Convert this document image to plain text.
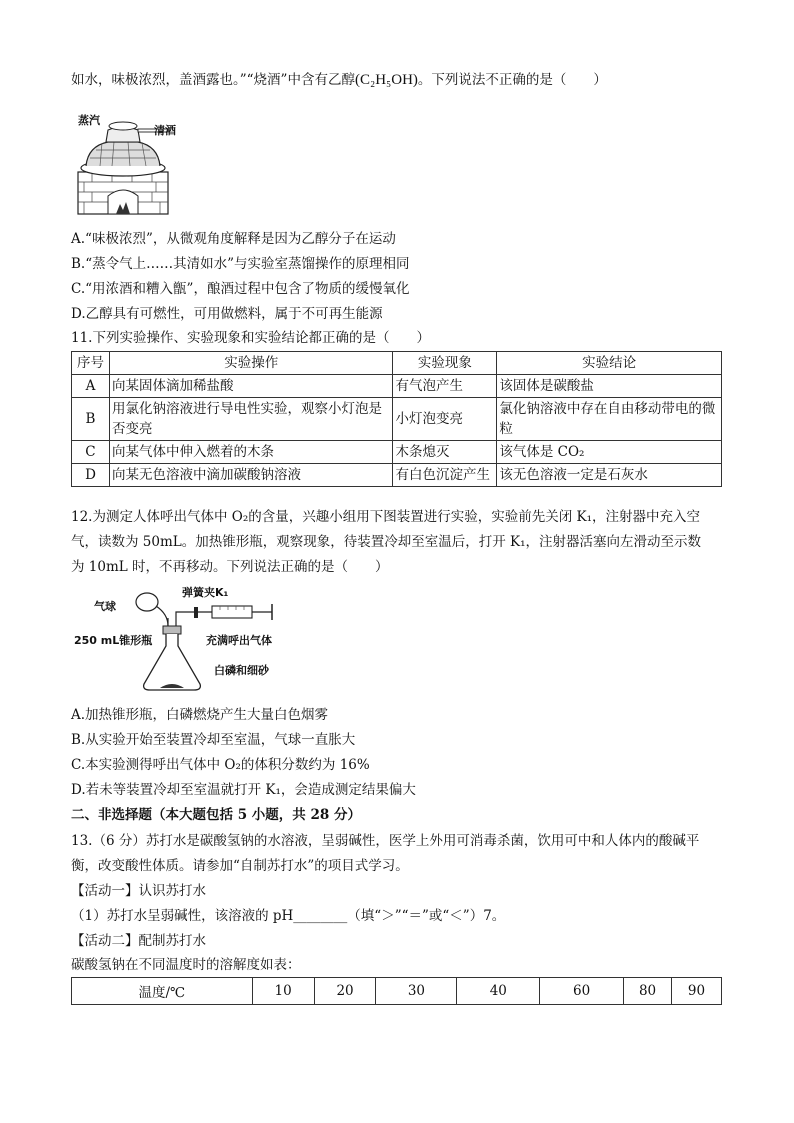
如水，味极浓烈，盖酒露也。”“烧酒”中含有乙醇(C₂H₅OH)。下列说法不正确的是（　　）
蒸汽
清酒
A.“味极浓烈”，从微观角度解释是因为乙醇分子在运动
B.“蒸令气上……其清如水”与实验室蒸馏操作的原理相同
C.“用浓酒和糟入甑”，酿酒过程中包含了物质的缓慢氧化
D.乙醇具有可燃性，可用做燃料，属于不可再生能源
11.下列实验操作、实验现象和实验结论都正确的是（　　）
序号	实验操作	实验现象	实验结论
A	向某固体滴加稀盐酸	有气泡产生	该固体是碳酸盐
B	用氯化钠溶液进行导电性实验，观察小灯泡是否变亮	小灯泡变亮	氯化钠溶液中存在自由移动带电的微粒
C	向某气体中伸入燃着的木条	木条熄灭	该气体是 CO₂
D	向某无色溶液中滴加碳酸钠溶液	有白色沉淀产生	该无色溶液一定是石灰水
12.为测定人体呼出气体中 O₂的含量，兴趣小组用下图装置进行实验，实验前先关闭 K₁，注射器中充入空
气，读数为 50mL。加热锥形瓶，观察现象，待装置冷却至室温后，打开 K₁，注射器活塞向左滑动至示数
为 10mL 时，不再移动。下列说法正确的是（　　）
气球
弹簧夹K₁
250 mL锥形瓶	充满呼出气体
白磷和细砂
A.加热锥形瓶，白磷燃烧产生大量白色烟雾
B.从实验开始至装置冷却至室温，气球一直胀大
C.本实验测得呼出气体中 O₂的体积分数约为 16%
D.若未等装置冷却至室温就打开 K₁，会造成测定结果偏大
二、非选择题（本大题包括 5 小题，共 28 分）
13.（6 分）苏打水是碳酸氢钠的水溶液，呈弱碱性，医学上外用可消毒杀菌，饮用可中和人体内的酸碱平
衡，改变酸性体质。请参加“自制苏打水”的项目式学习。
【活动一】认识苏打水
（1）苏打水呈弱碱性，该溶液的 pH________（填“＞”“＝”或“＜”）7。
【活动二】配制苏打水
碳酸氢钠在不同温度时的溶解度如表：
温度/℃	10	20	30	40	60	80	90
